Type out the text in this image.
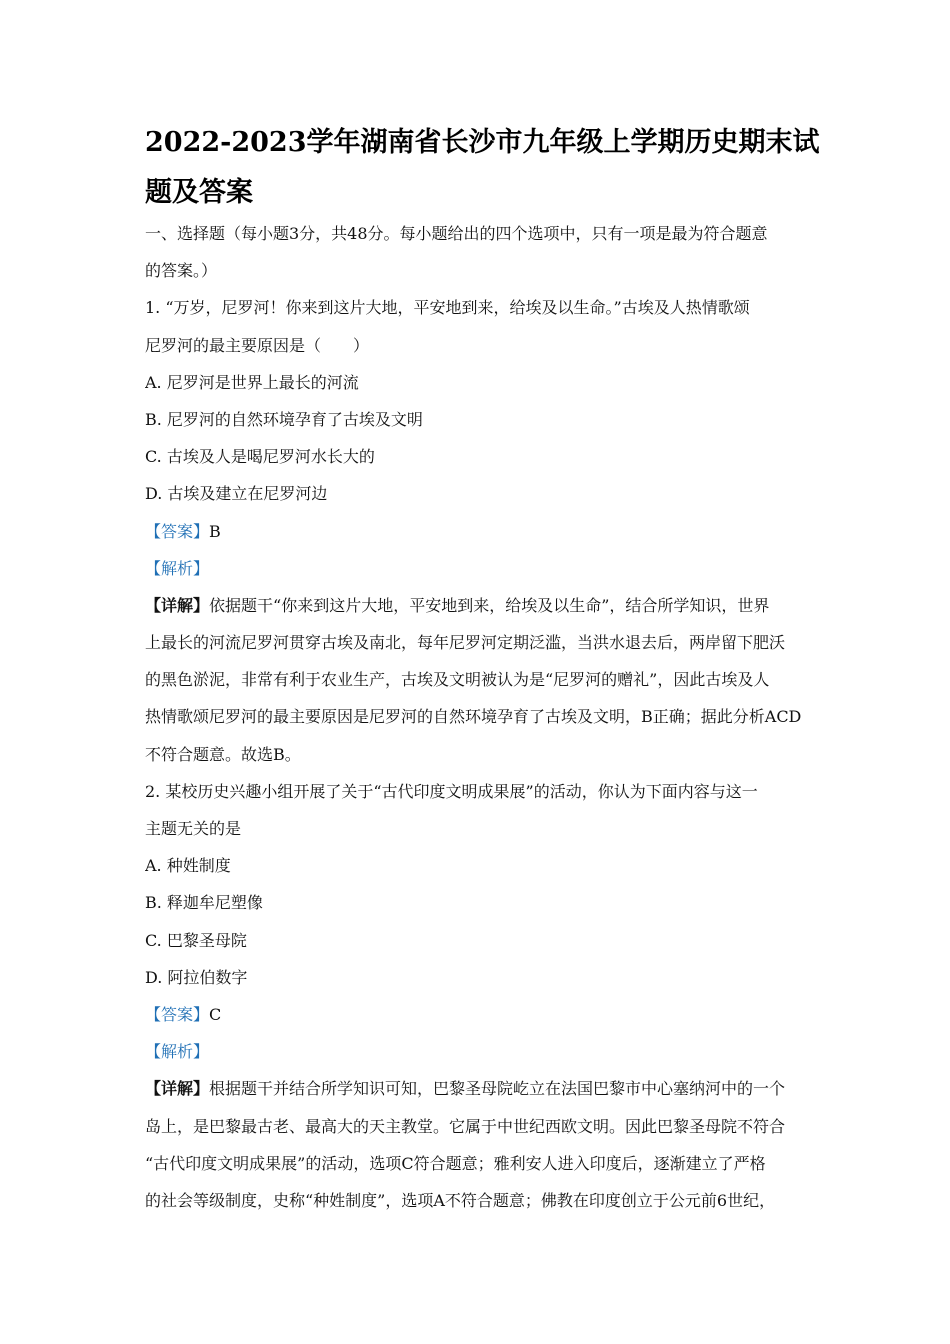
2022-2023学年湖南省长沙市九年级上学期历史期末试题及答案
一、选择题（每小题3分，共48分。每小题给出的四个选项中，只有一项是最为符合题意
的答案。）
1. “万岁，尼罗河！你来到这片大地，平安地到来，给埃及以生命。”古埃及人热情歌颂
尼罗河的最主要原因是（　　）
A. 尼罗河是世界上最长的河流
B. 尼罗河的自然环境孕育了古埃及文明
C. 古埃及人是喝尼罗河水长大的
D. 古埃及建立在尼罗河边
【答案】B
【解析】
【详解】依据题干“你来到这片大地，平安地到来，给埃及以生命”，结合所学知识，世界
上最长的河流尼罗河贯穿古埃及南北，每年尼罗河定期泛滥，当洪水退去后，两岸留下肥沃
的黑色淤泥，非常有利于农业生产，古埃及文明被认为是“尼罗河的赠礼”，因此古埃及人
热情歌颂尼罗河的最主要原因是尼罗河的自然环境孕育了古埃及文明，B正确；据此分析ACD
不符合题意。故选B。
2. 某校历史兴趣小组开展了关于“古代印度文明成果展”的活动，你认为下面内容与这一
主题无关的是
A. 种姓制度
B. 释迦牟尼塑像
C. 巴黎圣母院
D. 阿拉伯数字
【答案】C
【解析】
【详解】根据题干并结合所学知识可知，巴黎圣母院屹立在法国巴黎市中心塞纳河中的一个
岛上，是巴黎最古老、最高大的天主教堂。它属于中世纪西欧文明。因此巴黎圣母院不符合
“古代印度文明成果展”的活动，选项C符合题意；雅利安人进入印度后，逐渐建立了严格
的社会等级制度，史称“种姓制度”，选项A不符合题意；佛教在印度创立于公元前6世纪，
